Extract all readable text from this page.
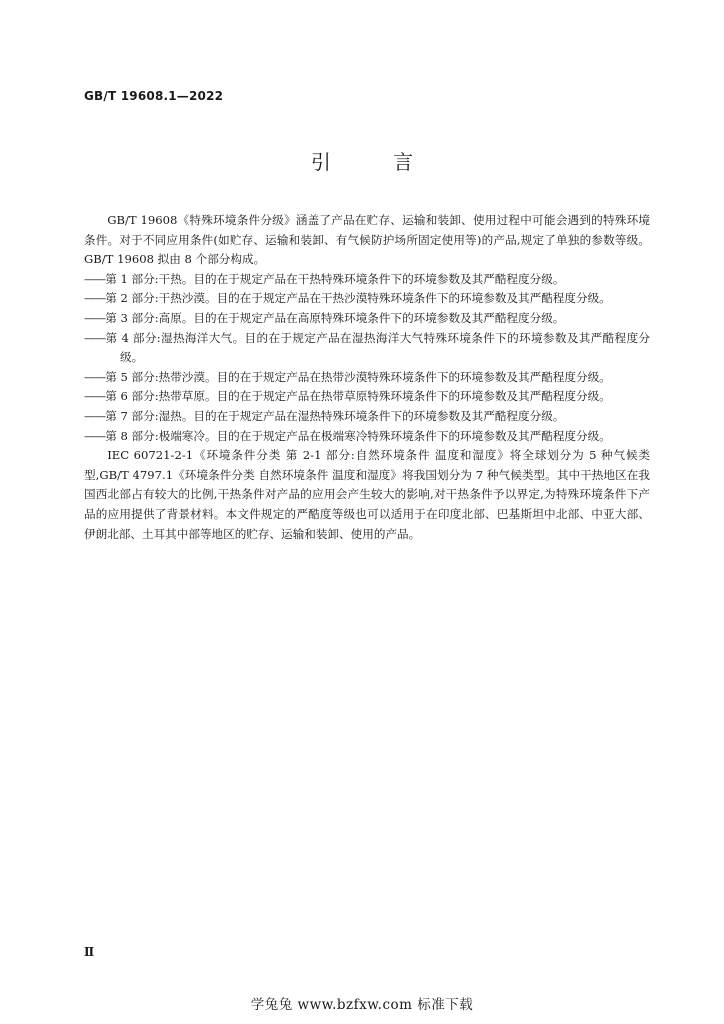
GB/T 19608.1—2022
引 言

GB/T 19608《特殊环境条件分级》涵盖了产品在贮存、运输和装卸、使用过程中可能会遇到的特殊环境条件。对于不同应用条件(如贮存、运输和装卸、有气候防护场所固定使用等)的产品,规定了单独的参数等级。GB/T 19608 拟由 8 个部分构成。

——第 1 部分:干热。目的在于规定产品在干热特殊环境条件下的环境参数及其严酷程度分级。

——第 2 部分:干热沙漠。目的在于规定产品在干热沙漠特殊环境条件下的环境参数及其严酷程度分级。

——第 3 部分:高原。目的在于规定产品在高原特殊环境条件下的环境参数及其严酷程度分级。

——第 4 部分:湿热海洋大气。目的在于规定产品在湿热海洋大气特殊环境条件下的环境参数及其严酷程度分级。

——第 5 部分:热带沙漠。目的在于规定产品在热带沙漠特殊环境条件下的环境参数及其严酷程度分级。

——第 6 部分:热带草原。目的在于规定产品在热带草原特殊环境条件下的环境参数及其严酷程度分级。

——第 7 部分:湿热。目的在于规定产品在湿热特殊环境条件下的环境参数及其严酷程度分级。

——第 8 部分:极端寒冷。目的在于规定产品在极端寒冷特殊环境条件下的环境参数及其严酷程度分级。

IEC 60721-2-1《环境条件分类 第 2-1 部分:自然环境条件 温度和湿度》将全球划分为 5 种气候类型,GB/T 4797.1《环境条件分类 自然环境条件 温度和湿度》将我国划分为 7 种气候类型。其中干热地区在我国西北部占有较大的比例,干热条件对产品的应用会产生较大的影响,对干热条件予以界定,为特殊环境条件下产品的应用提供了背景材料。本文件规定的严酷度等级也可以适用于在印度北部、巴基斯坦中北部、中亚大部、伊朗北部、土耳其中部等地区的贮存、运输和装卸、使用的产品。

Ⅱ
学兔兔 www.bzfxw.com 标准下载
